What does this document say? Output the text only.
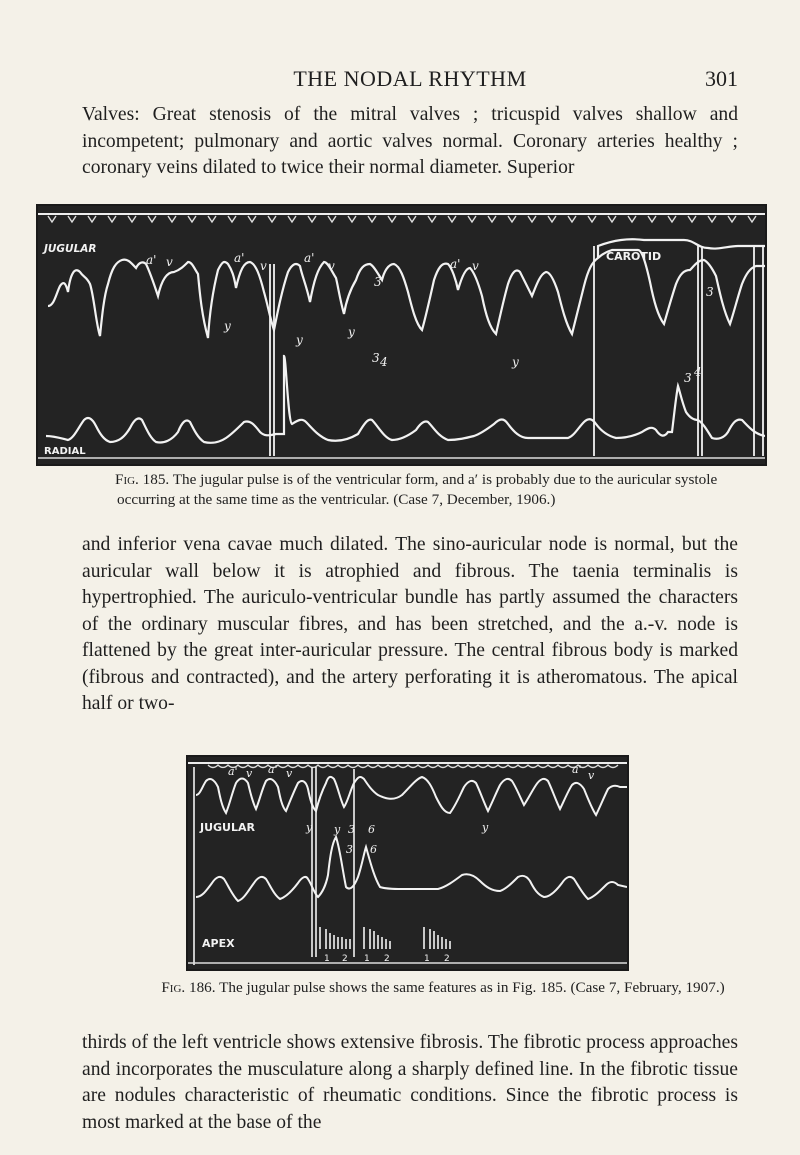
THE NODAL RHYTHM	301

Valves: Great stenosis of the mitral valves ; tricuspid valves shallow and incompetent; pulmonary and aortic valves normal. Coronary arteries healthy ; coronary veins dilated to twice their normal diameter. Superior

JUGULAR
CAROTID
RADIAL
a' v	a'
v
a'
v	a' v
y
y
y
y
3
3 4
3
3 4

Fig. 185. The jugular pulse is of the ventricular form, and a′ is probably due to the auricular systole occurring at the same time as the ventricular. (Case 7, December, 1906.)

and inferior vena cavae much dilated. The sino-auricular node is normal, but the auricular wall below it is atrophied and fibrous. The taenia terminalis is hypertrophied. The auriculo-ventricular bundle has partly assumed the characters of the ordinary muscular fibres, and has been stretched, and the a.-v. node is flattened by the great inter-auricular pressure. The central fibrous body is marked (fibrous and contracted), and the artery perforating it is atheromatous. The apical half or two-

JUGULAR
APEX
a' v a' v	a' v
y y 3 6	y
3 6
1 2 1 2	1 2

Fig. 186. The jugular pulse shows the same features as in Fig. 185. (Case 7, February, 1907.)

thirds of the left ventricle shows extensive fibrosis. The fibrotic process approaches and incorporates the musculature along a sharply defined line. In the fibrotic tissue are nodules characteristic of rheumatic conditions. Since the fibrotic process is most marked at the base of the
